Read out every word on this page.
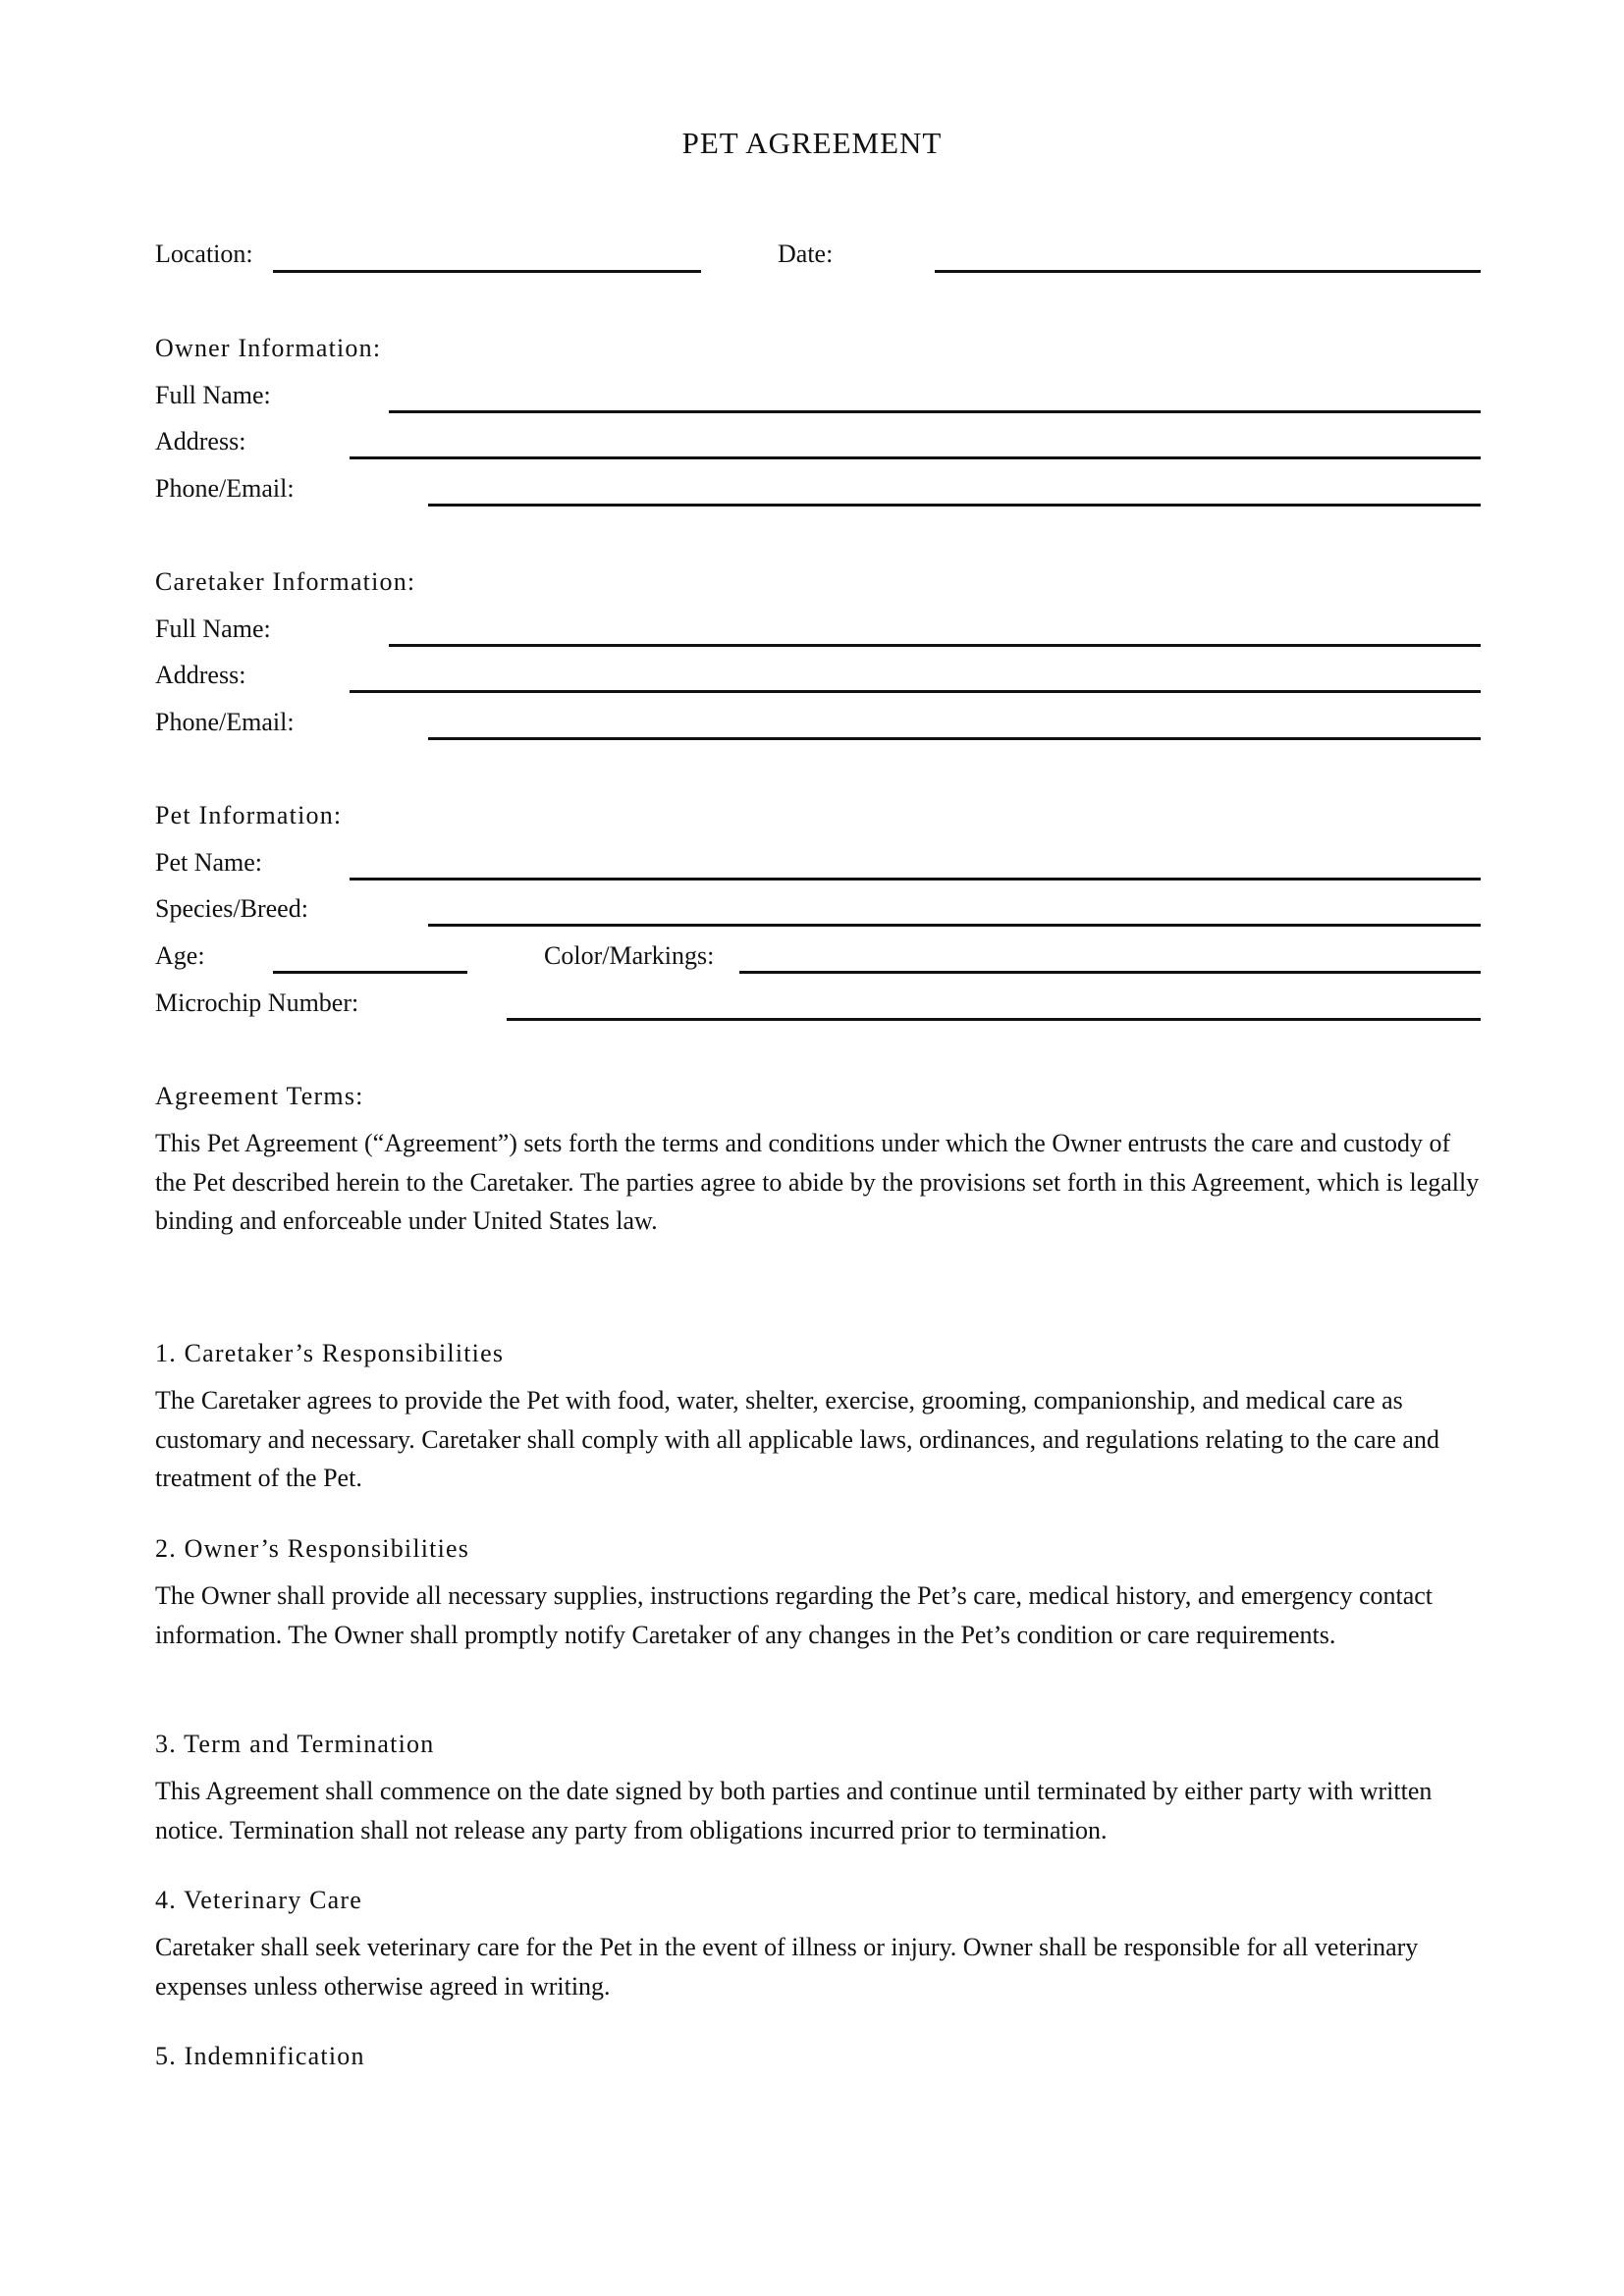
PET AGREEMENT
Location:	Date:
Owner Information:
Full Name:
Address:
Phone/Email:
Caretaker Information:
Full Name:
Address:
Phone/Email:
Pet Information:
Pet Name:
Species/Breed:
Age:	Color/Markings:
Microchip Number:
Agreement Terms:

This Pet Agreement (“Agreement”) sets forth the terms and conditions under which the Owner entrusts the care and custody of the Pet described herein to the Caretaker. The parties agree to abide by the provisions set forth in this Agreement, which is legally binding and enforceable under United States law.

1. Caretaker’s Responsibilities

The Caretaker agrees to provide the Pet with food, water, shelter, exercise, grooming, companionship, and medical care as customary and necessary. Caretaker shall comply with all applicable laws, ordinances, and regulations relating to the care and treatment of the Pet.

2. Owner’s Responsibilities

The Owner shall provide all necessary supplies, instructions regarding the Pet’s care, medical history, and emergency contact information. The Owner shall promptly notify Caretaker of any changes in the Pet’s condition or care requirements.

3. Term and Termination

This Agreement shall commence on the date signed by both parties and continue until terminated by either party with written notice. Termination shall not release any party from obligations incurred prior to termination.

4. Veterinary Care

Caretaker shall seek veterinary care for the Pet in the event of illness or injury. Owner shall be responsible for all veterinary expenses unless otherwise agreed in writing.

5. Indemnification
